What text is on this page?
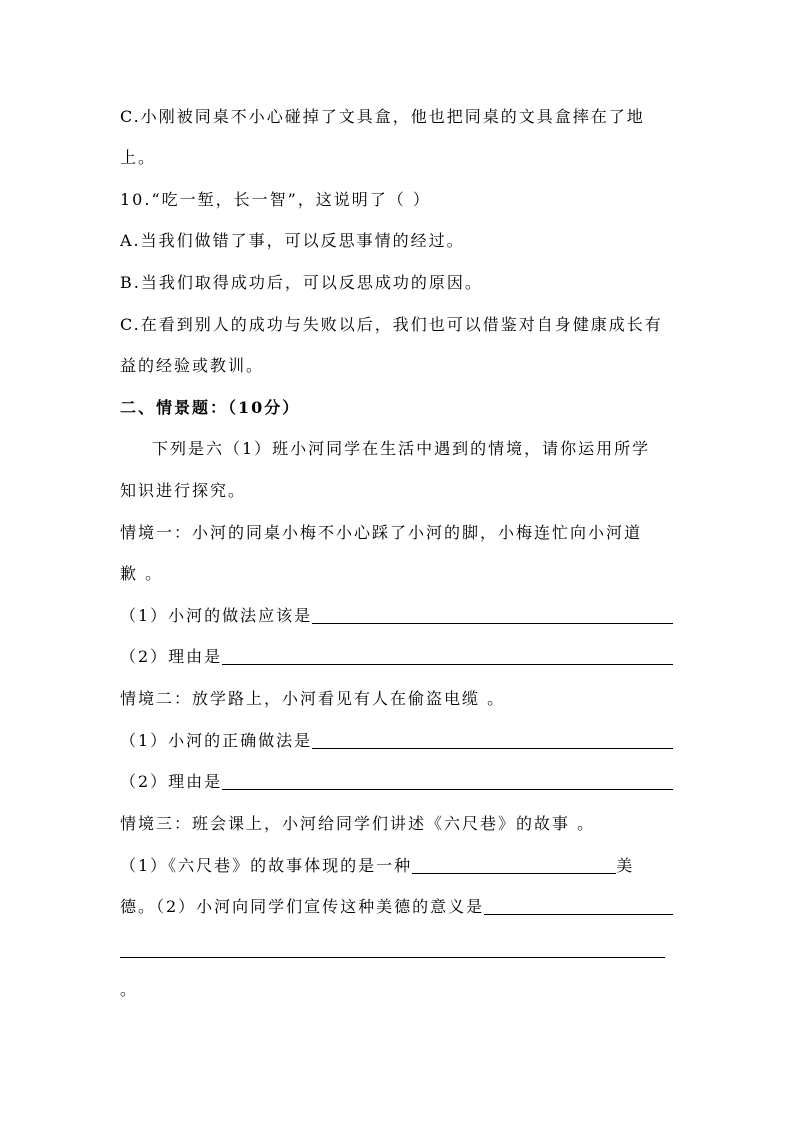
C.小刚被同桌不小心碰掉了文具盒，他也把同桌的文具盒摔在了地
上。
10.“吃一堑，长一智”，这说明了（ ）
A.当我们做错了事，可以反思事情的经过。
B.当我们取得成功后，可以反思成功的原因。
C.在看到别人的成功与失败以后，我们也可以借鉴对自身健康成长有
益的经验或教训。
二、情景题：（10分）
下列是六（1）班小河同学在生活中遇到的情境，请你运用所学
知识进行探究。
情境一：小河的同桌小梅不小心踩了小河的脚，小梅连忙向小河道
歉 。
（1）小河的做法应该是
（2）理由是
情境二：放学路上，小河看见有人在偷盗电缆 。
（1）小河的正确做法是
（2）理由是
情境三：班会课上，小河给同学们讲述《六尺巷》的故事 。
（1）《六尺巷》的故事体现的是一种	美
德。（2）小河向同学们宣传这种美德的意义是
。
